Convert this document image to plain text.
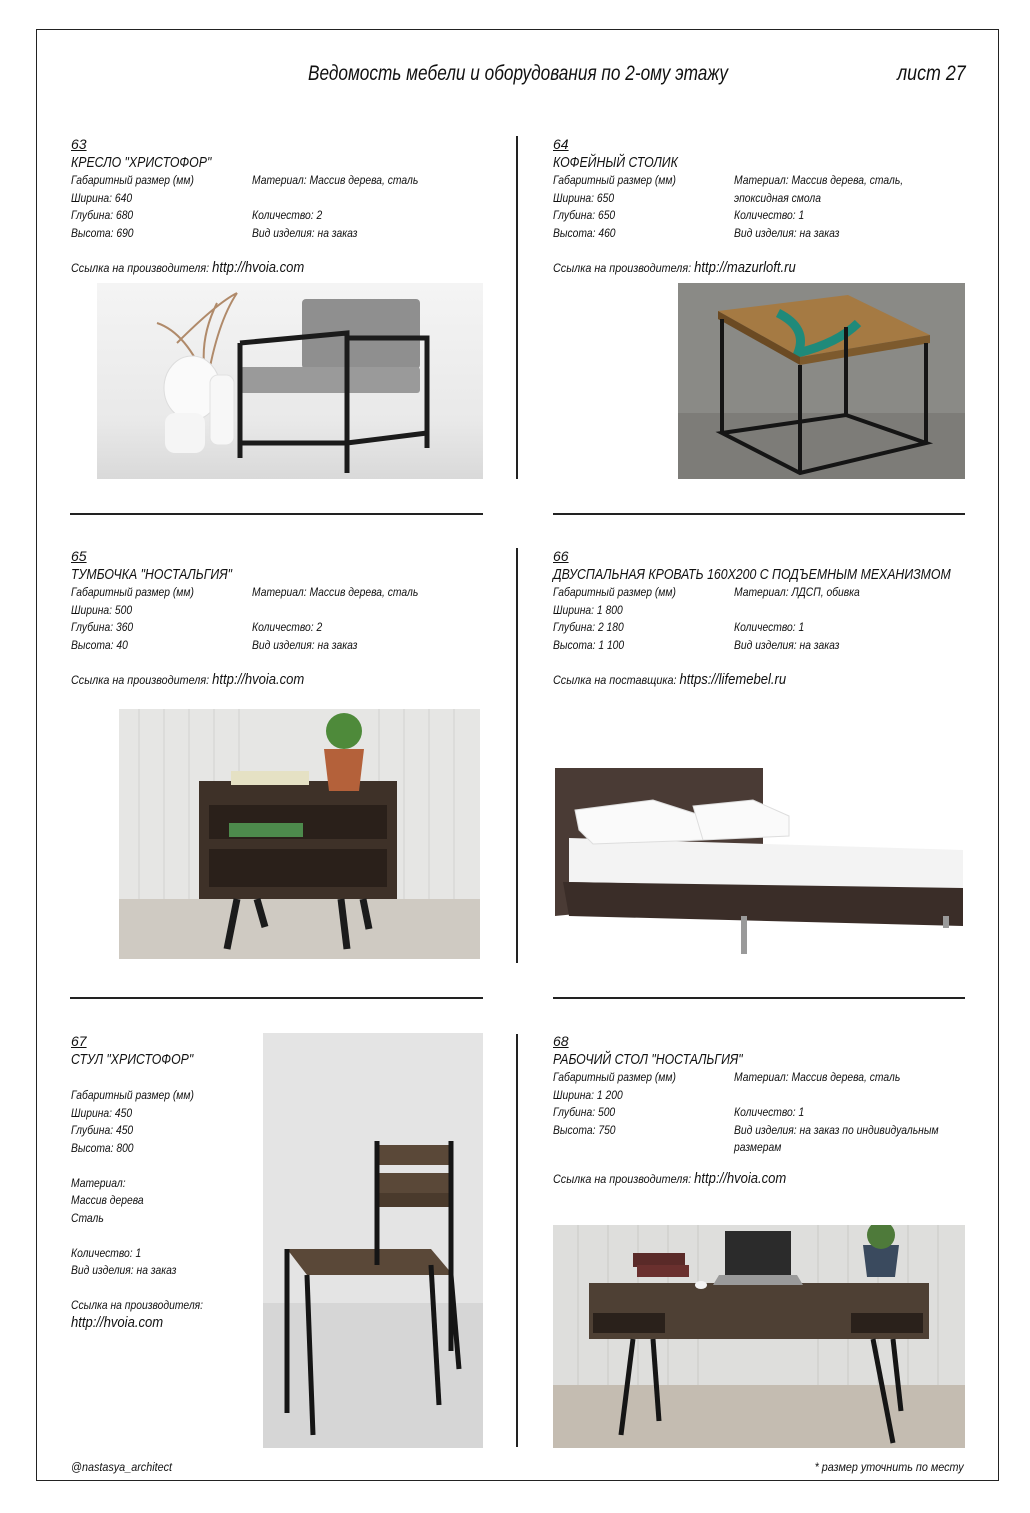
Ведомость мебели и оборудования по 2-ому этажу	лист 27
63
КРЕСЛО "ХРИСТОФОР"
Габаритный размер (мм)
Ширина: 640
Глубина: 680
Высота: 690
Материал: Массив дерева, сталь

Количество: 2
Вид изделия: на заказ
Ссылка на производителя: http://hvoia.com
64
КОФЕЙНЫЙ СТОЛИК
Габаритный размер (мм)
Ширина: 650
Глубина: 650
Высота: 460
Материал: Массив дерева, сталь,
эпоксидная смола
Количество: 1
Вид изделия: на заказ
Ссылка на производителя: http://mazurloft.ru
65
ТУМБОЧКА "НОСТАЛЬГИЯ"
Габаритный размер (мм)
Ширина: 500
Глубина: 360
Высота: 40
Материал: Массив дерева, сталь

Количество: 2
Вид изделия: на заказ
Ссылка на производителя: http://hvoia.com
66
ДВУСПАЛЬНАЯ КРОВАТЬ 160Х200 С ПОДЪЕМНЫМ МЕХАНИЗМОМ
Габаритный размер (мм)
Ширина: 1 800
Глубина: 2 180
Высота: 1 100
Материал: ЛДСП, обивка

Количество: 1
Вид изделия: на заказ
Ссылка на поставщика: https://lifemebel.ru
67
СТУЛ "ХРИСТОФОР"
Габаритный размер (мм)
Ширина: 450
Глубина: 450
Высота: 800

Материал:
Массив дерева
Сталь

Количество: 1
Вид изделия: на заказ

Ссылка на производителя:
http://hvoia.com
68
РАБОЧИЙ СТОЛ "НОСТАЛЬГИЯ"
Габаритный размер (мм)
Ширина: 1 200
Глубина: 500
Высота: 750
Материал: Массив дерева, сталь

Количество: 1
Вид изделия: на заказ по индивидуальным
размерам
Ссылка на производителя: http://hvoia.com
@nastasya_architect	* размер уточнить по месту
